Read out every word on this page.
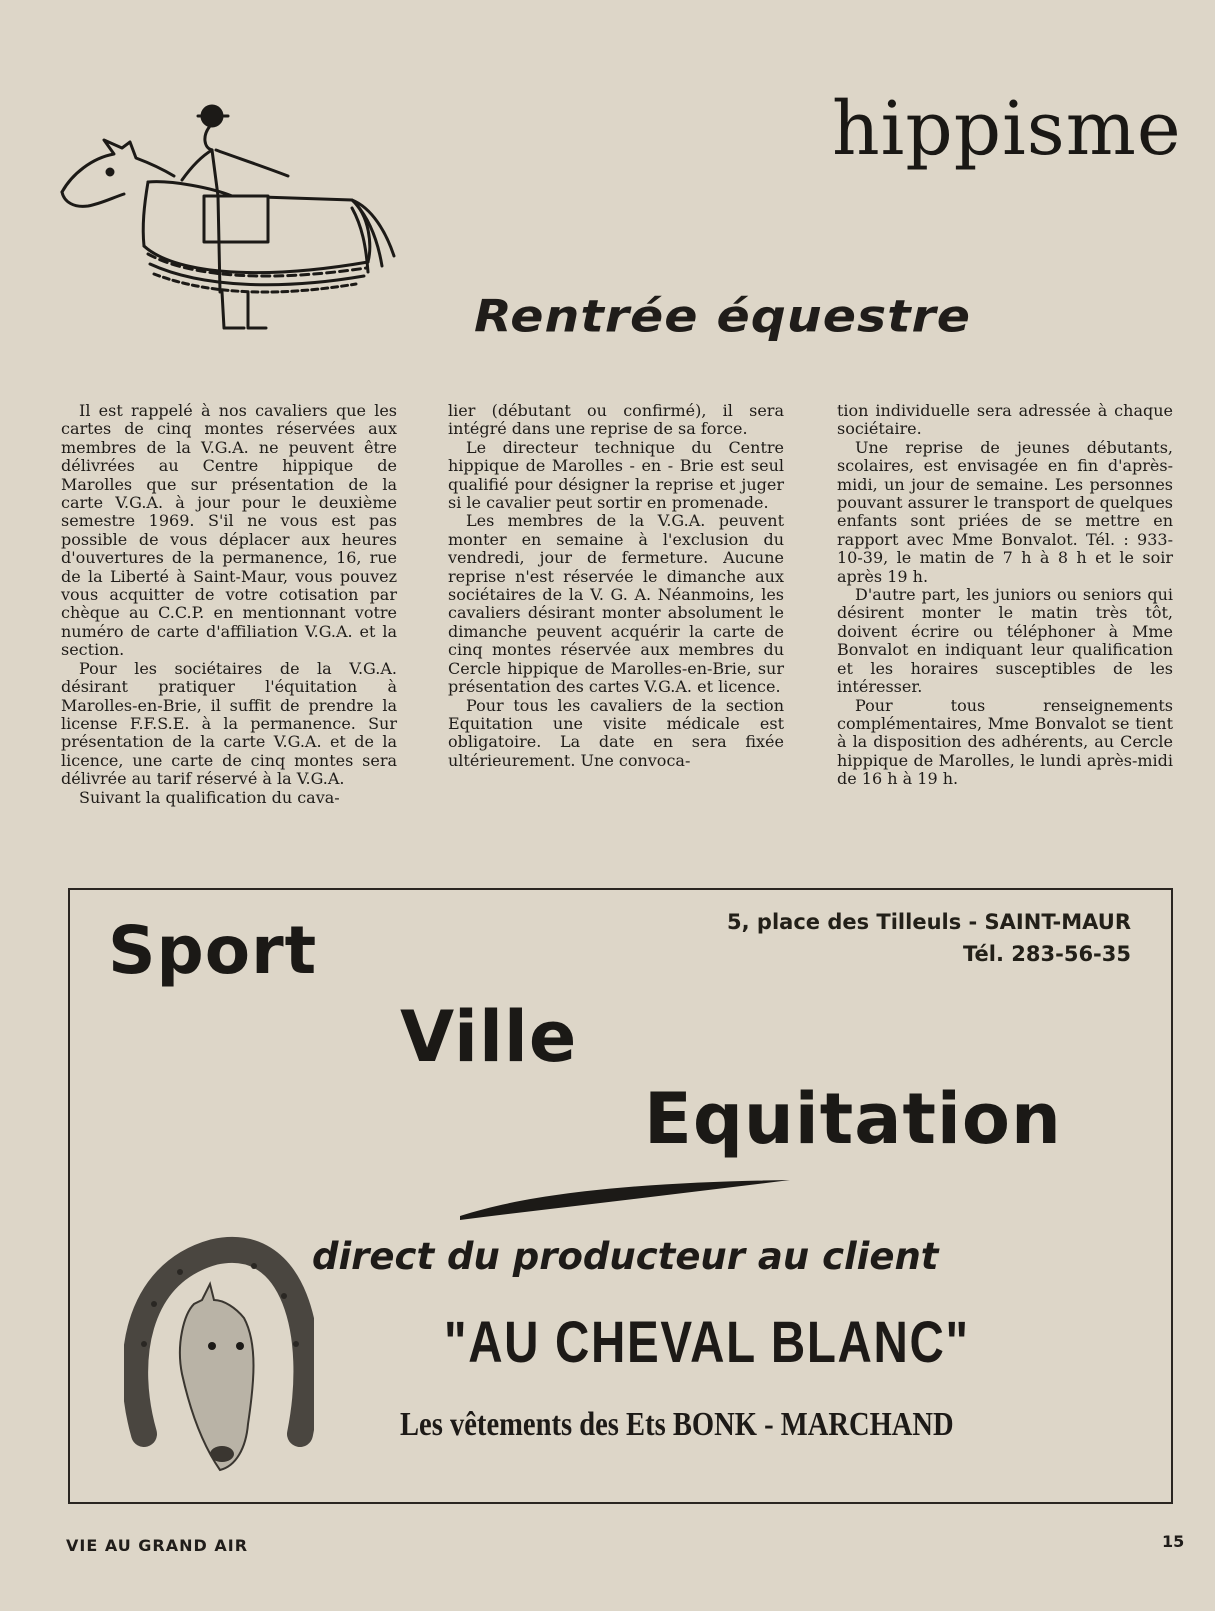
hippisme
Rentrée équestre

Il est rappelé à nos cavaliers que les cartes de cinq montes réservées aux membres de la V.G.A. ne peuvent être délivrées au Centre hippique de Marolles que sur présentation de la carte V.G.A. à jour pour le deuxième semestre 1969. S'il ne vous est pas possible de vous déplacer aux heures d'ouvertures de la permanence, 16, rue de la Liberté à Saint-Maur, vous pouvez vous acquitter de votre cotisation par chèque au C.C.P. en mentionnant votre numéro de carte d'affiliation V.G.A. et la section.

Pour les sociétaires de la V.G.A. désirant pratiquer l'équitation à Marolles-en-Brie, il suffit de prendre la license F.F.S.E. à la permanence. Sur présentation de la carte V.G.A. et de la licence, une carte de cinq montes sera délivrée au tarif réservé à la V.G.A.

Suivant la qualification du cava-

lier (débutant ou confirmé), il sera intégré dans une reprise de sa force.

Le directeur technique du Centre hippique de Marolles - en - Brie est seul qualifié pour désigner la reprise et juger si le cavalier peut sortir en promenade.

Les membres de la V.G.A. peuvent monter en semaine à l'exclusion du vendredi, jour de fermeture. Aucune reprise n'est réservée le dimanche aux sociétaires de la V. G. A. Néanmoins, les cavaliers désirant monter absolument le dimanche peuvent acquérir la carte de cinq montes réservée aux membres du Cercle hippique de Marolles-en-Brie, sur présentation des cartes V.G.A. et licence.

Pour tous les cavaliers de la section Equitation une visite médicale est obligatoire. La date en sera fixée ultérieurement. Une convoca-

tion individuelle sera adressée à chaque sociétaire.

Une reprise de jeunes débutants, scolaires, est envisagée en fin d'après-midi, un jour de semaine. Les personnes pouvant assurer le transport de quelques enfants sont priées de se mettre en rapport avec Mme Bonvalot. Tél. : 933-10-39, le matin de 7 h à 8 h et le soir après 19 h.

D'autre part, les juniors ou seniors qui désirent monter le matin très tôt, doivent écrire ou téléphoner à Mme Bonvalot en indiquant leur qualification et les horaires susceptibles de les intéresser.

Pour tous renseignements complémentaires, Mme Bonvalot se tient à la disposition des adhérents, au Cercle hippique de Marolles, le lundi après-midi de 16 h à 19 h.

5, place des Tilleuls - SAINT-MAUR
Tél. 283-56-35
Sport
Ville
Equitation

direct du producteur au client

"AU CHEVAL BLANC"
Les vêtements des Ets BONK - MARCHAND
VIE AU GRAND AIR	15
